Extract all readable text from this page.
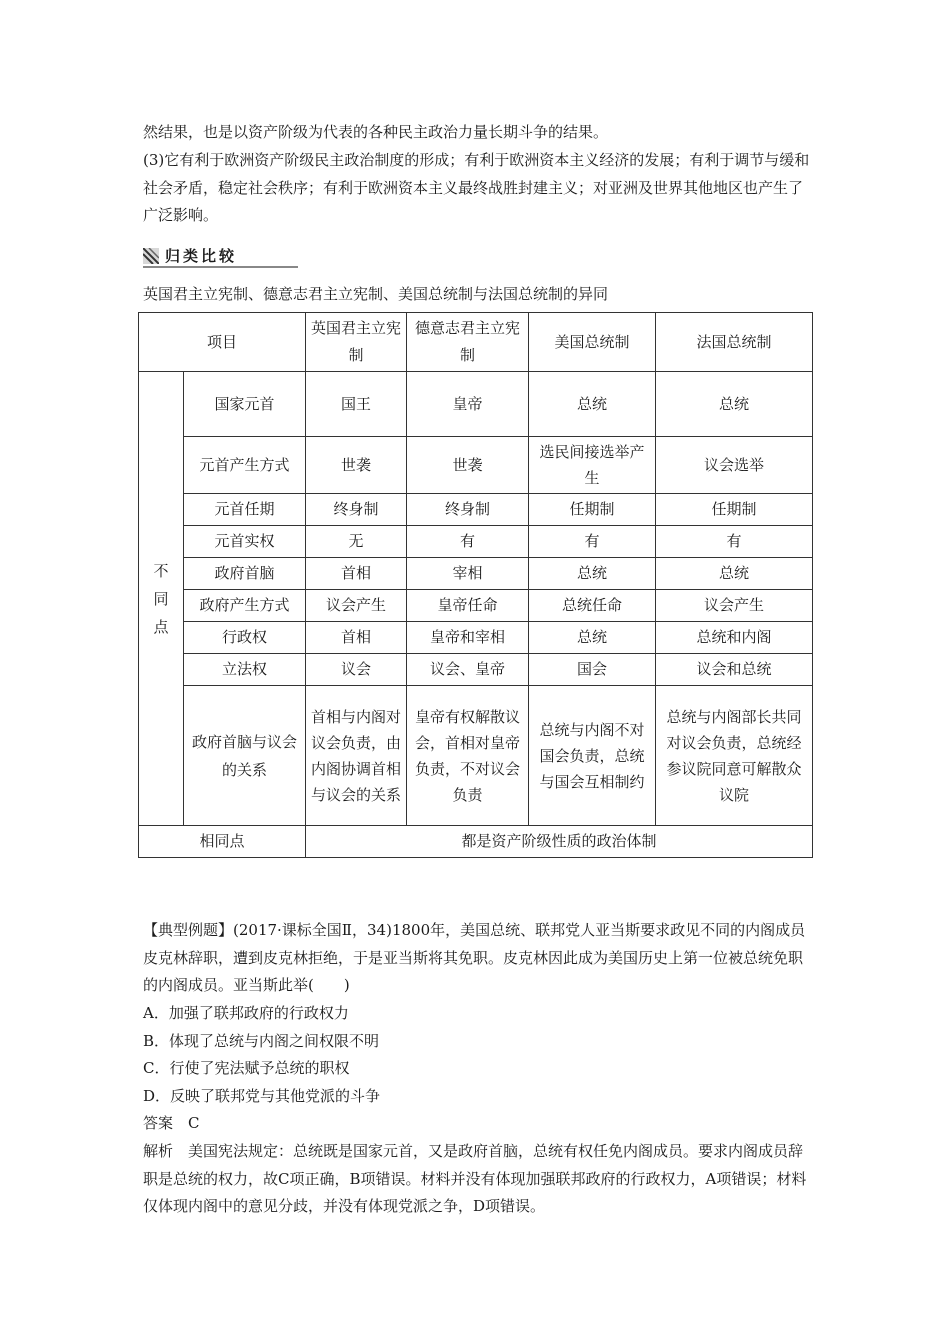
然结果，也是以资产阶级为代表的各种民主政治力量长期斗争的结果。

(3)它有利于欧洲资产阶级民主政治制度的形成；有利于欧洲资本主义经济的发展；有利于调节与缓和社会矛盾，稳定社会秩序；有利于欧洲资本主义最终战胜封建主义；对亚洲及世界其他地区也产生了广泛影响。

归类比较
英国君主立宪制、德意志君主立宪制、美国总统制与法国总统制的异同
项目		英国君主立宪制	德意志君主立宪制	美国总统制	法国总统制
不同点	国家元首	国王	皇帝	总统	总统
	元首产生方式	世袭	世袭	选民间接选举产生	议会选举
	元首任期	终身制	终身制	任期制	任期制
	元首实权	无	有	有	有
	政府首脑	首相	宰相	总统	总统
	政府产生方式	议会产生	皇帝任命	总统任命	议会产生
	行政权	首相	皇帝和宰相	总统	总统和内阁
	立法权	议会	议会、皇帝	国会	议会和总统
	政府首脑与议会的关系	首相与内阁对议会负责，由内阁协调首相与议会的关系	皇帝有权解散议会，首相对皇帝负责，不对议会负责	总统与内阁不对国会负责，总统与国会互相制约	总统与内阁部长共同对议会负责，总统经参议院同意可解散众议院
相同点		都是资产阶级性质的政治体制			

【典型例题】(2017·课标全国Ⅱ，34)1800年，美国总统、联邦党人亚当斯要求政见不同的内阁成员皮克林辞职，遭到皮克林拒绝，于是亚当斯将其免职。皮克林因此成为美国历史上第一位被总统免职的内阁成员。亚当斯此举(　　)

A．加强了联邦政府的行政权力

B．体现了总统与内阁之间权限不明

C．行使了宪法赋予总统的职权

D．反映了联邦党与其他党派的斗争

答案　 C

解析　 美国宪法规定：总统既是国家元首，又是政府首脑，总统有权任免内阁成员。要求内阁成员辞职是总统的权力，故C项正确，B项错误。材料并没有体现加强联邦政府的行政权力，A项错误；材料仅体现内阁中的意见分歧，并没有体现党派之争，D项错误。
